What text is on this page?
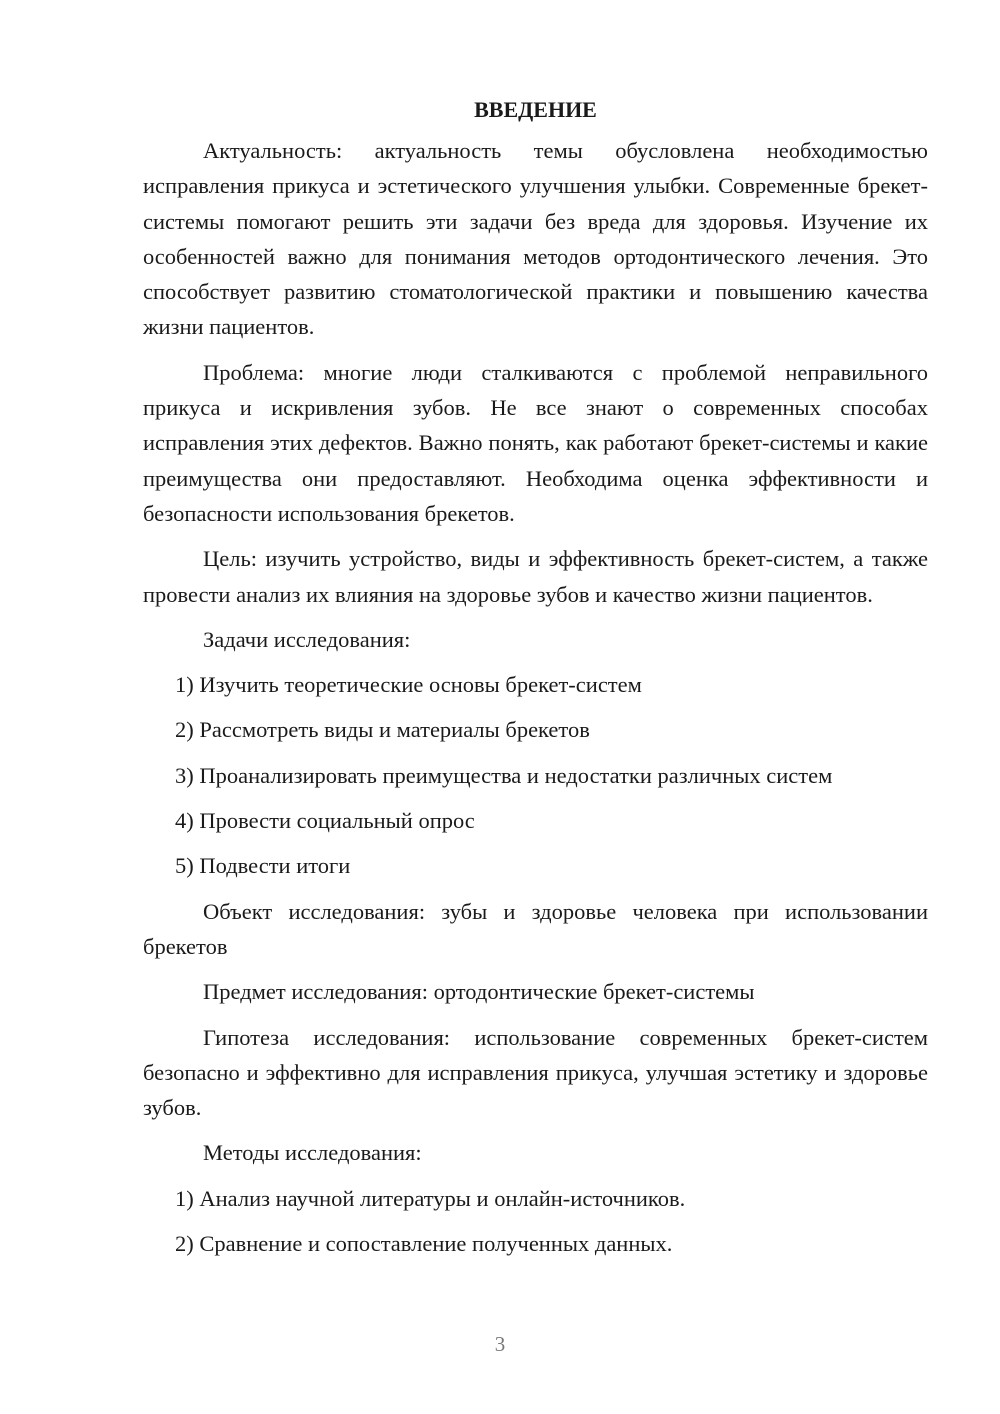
ВВЕДЕНИЕ

Актуальность: актуальность темы обусловлена необходимостью исправления прикуса и эстетического улучшения улыбки. Современные брекет-системы помогают решить эти задачи без вреда для здоровья. Изучение их особенностей важно для понимания методов ортодонтического лечения. Это способствует развитию стоматологической практики и повышению качества жизни пациентов.

Проблема: многие люди сталкиваются с проблемой неправильного прикуса и искривления зубов. Не все знают о современных способах исправления этих дефектов. Важно понять, как работают брекет-системы и какие преимущества они предоставляют. Необходима оценка эффективности и безопасности использования брекетов.

Цель: изучить устройство, виды и эффективность брекет-систем, а также провести анализ их влияния на здоровье зубов и качество жизни пациентов.

Задачи исследования:

1) Изучить теоретические основы брекет-систем
2) Рассмотреть виды и материалы брекетов
3) Проанализировать преимущества и недостатки различных систем
4) Провести социальный опрос
5) Подвести итоги

Объект исследования: зубы и здоровье человека при использовании брекетов

Предмет исследования: ортодонтические брекет-системы

Гипотеза исследования: использование современных брекет-систем безопасно и эффективно для исправления прикуса, улучшая эстетику и здоровье зубов.

Методы исследования:

1) Анализ научной литературы и онлайн-источников.
2) Сравнение и сопоставление полученных данных.
3
